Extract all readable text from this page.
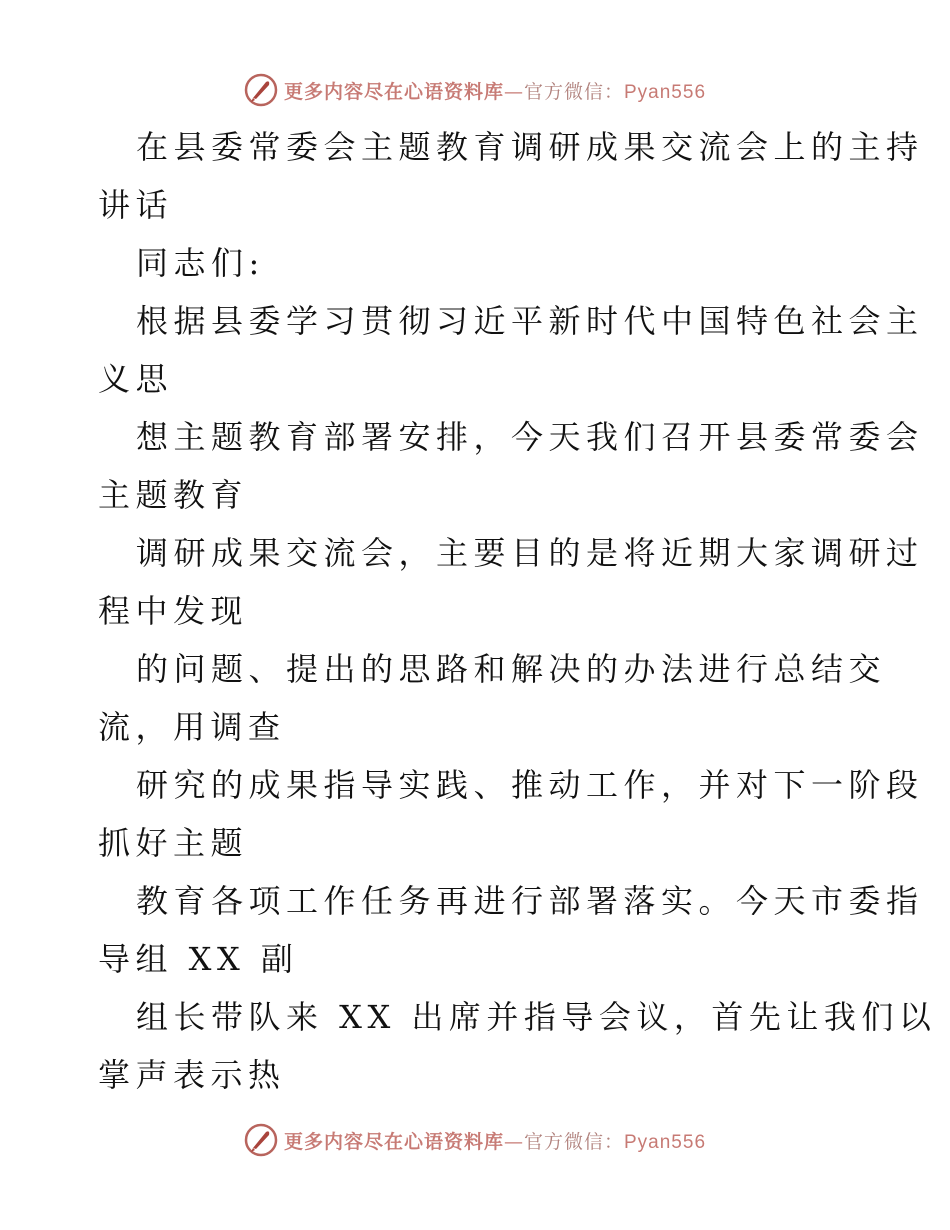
更多内容尽在心语资料库—官方微信：Pyan556
在县委常委会主题教育调研成果交流会上的主持
讲话
同志们:
根据县委学习贯彻习近平新时代中国特色社会主
义思
想主题教育部署安排，今天我们召开县委常委会
主题教育
调研成果交流会，主要目的是将近期大家调研过
程中发现
的问题、提出的思路和解决的办法进行总结交
流，用调查
研究的成果指导实践、推动工作，并对下一阶段
抓好主题
教育各项工作任务再进行部署落实。今天市委指
导组 XX 副
组长带队来 XX 出席并指导会议，首先让我们以
掌声表示热
更多内容尽在心语资料库—官方微信：Pyan556
